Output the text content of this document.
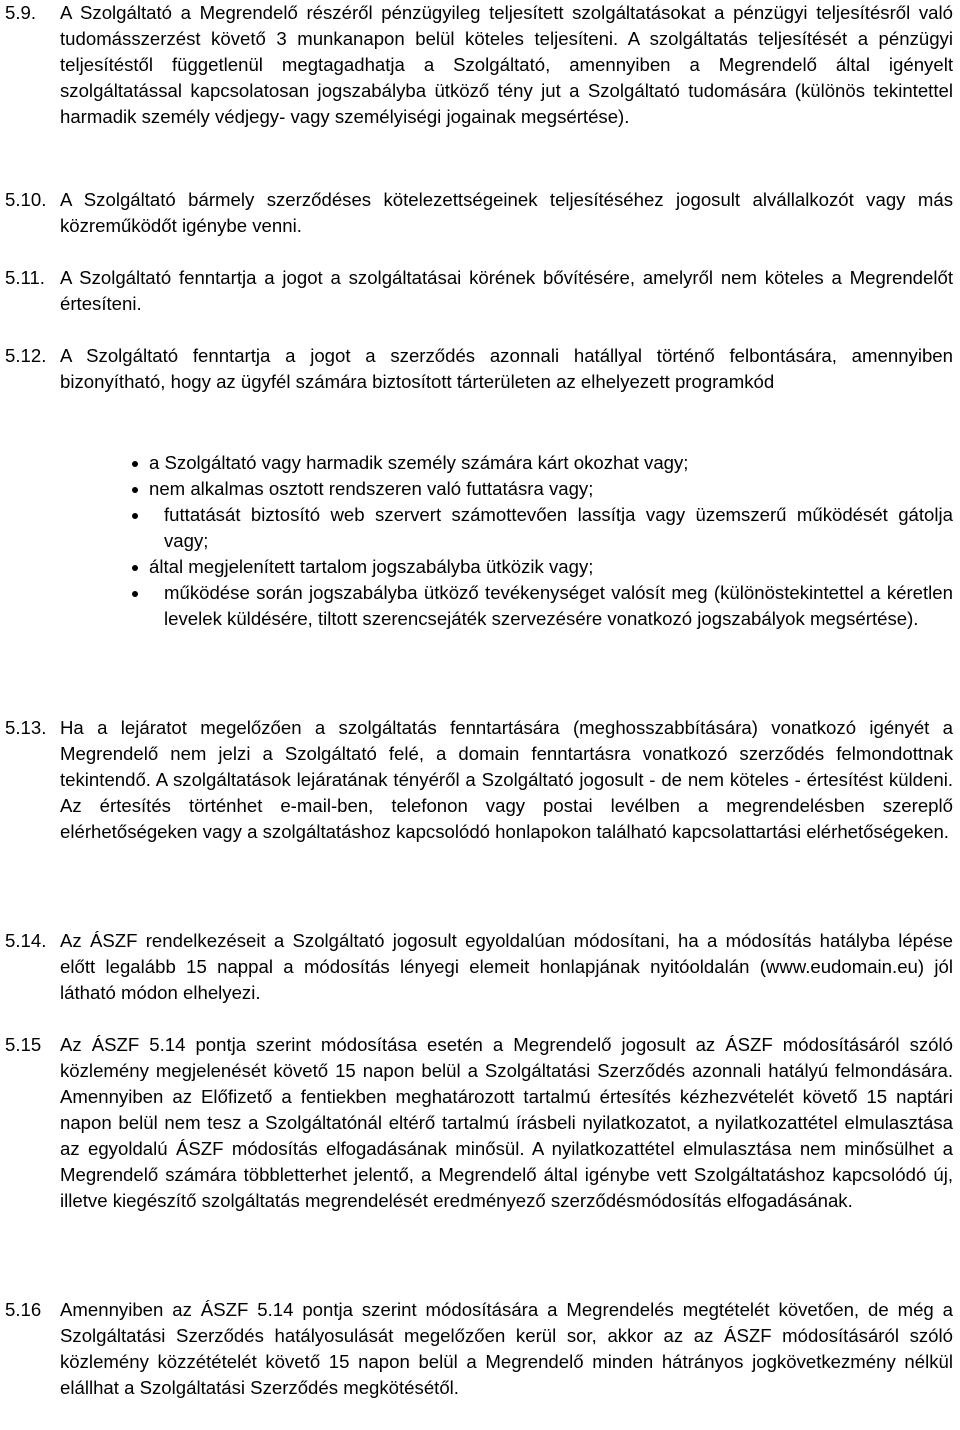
5.9. A Szolgáltató a Megrendelő részéről pénzügyileg teljesített szolgáltatásokat a pénzügyi teljesítésről való tudomásszerzést követő 3 munkanapon belül köteles teljesíteni. A szolgáltatás teljesítését a pénzügyi teljesítéstől függetlenül megtagadhatja a Szolgáltató, amennyiben a Megrendelő által igényelt szolgáltatással kapcsolatosan jogszabályba ütköző tény jut a Szolgáltató tudomására (különös tekintettel harmadik személy védjegy- vagy személyiségi jogainak megsértése).
5.10. A Szolgáltató bármely szerződéses kötelezettségeinek teljesítéséhez jogosult alvállalkozót vagy más közreműködőt igénybe venni.
5.11. A Szolgáltató fenntartja a jogot a szolgáltatásai körének bővítésére, amelyről nem köteles a Megrendelőt értesíteni.
5.12. A Szolgáltató fenntartja a jogot a szerződés azonnali hatállyal történő felbontására, amennyiben bizonyítható, hogy az ügyfél számára biztosított tárterületen az elhelyezett programkód
a Szolgáltató vagy harmadik személy számára kárt okozhat vagy;
nem alkalmas osztott rendszeren való futtatásra vagy;
futtatását biztosító web szervert számottevően lassítja vagy üzemszerű működését gátolja vagy;
által megjelenített tartalom jogszabályba ütközik vagy;
működése során jogszabályba ütköző tevékenységet valósít meg (különöstekintettel a kéretlen levelek küldésére, tiltott szerencsejáték szervezésére vonatkozó jogszabályok megsértése).
5.13. Ha a lejáratot megelőzően a szolgáltatás fenntartására (meghosszabbítására) vonatkozó igényét a Megrendelő nem jelzi a Szolgáltató felé, a domain fenntartásra vonatkozó szerződés felmondottnak tekintendő. A szolgáltatások lejáratának tényéről a Szolgáltató jogosult - de nem köteles - értesítést küldeni. Az értesítés történhet e-mail-ben, telefonon vagy postai levélben a megrendelésben szereplő elérhetőségeken vagy a szolgáltatáshoz kapcsolódó honlapokon található kapcsolattartási elérhetőségeken.
5.14. Az ÁSZF rendelkezéseit a Szolgáltató jogosult egyoldalúan módosítani, ha a módosítás hatályba lépése előtt legalább 15 nappal a módosítás lényegi elemeit honlapjának nyitóoldalán (www.eudomain.eu) jól látható módon elhelyezi.
5.15 Az ÁSZF 5.14 pontja szerint módosítása esetén a Megrendelő jogosult az ÁSZF módosításáról szóló közlemény megjelenését követő 15 napon belül a Szolgáltatási Szerződés azonnali hatályú felmondására. Amennyiben az Előfizető a fentiekben meghatározott tartalmú értesítés kézhezvételét követő 15 naptári napon belül nem tesz a Szolgáltatónál eltérő tartalmú írásbeli nyilatkozatot, a nyilatkozattétel elmulasztása az egyoldalú ÁSZF módosítás elfogadásának minősül. A nyilatkozattétel elmulasztása nem minősülhet a Megrendelő számára többletterhet jelentő, a Megrendelő által igénybe vett Szolgáltatáshoz kapcsolódó új, illetve kiegészítő szolgáltatás megrendelését eredményező szerződésmódosítás elfogadásának.
5.16 Amennyiben az ÁSZF 5.14 pontja szerint módosítására a Megrendelés megtételét követően, de még a Szolgáltatási Szerződés hatályosulását megelőzően kerül sor, akkor az az ÁSZF módosításáról szóló közlemény közzétételét követő 15 napon belül a Megrendelő minden hátrányos jogkövetkezmény nélkül elállhat a Szolgáltatási Szerződés megkötésétől.
